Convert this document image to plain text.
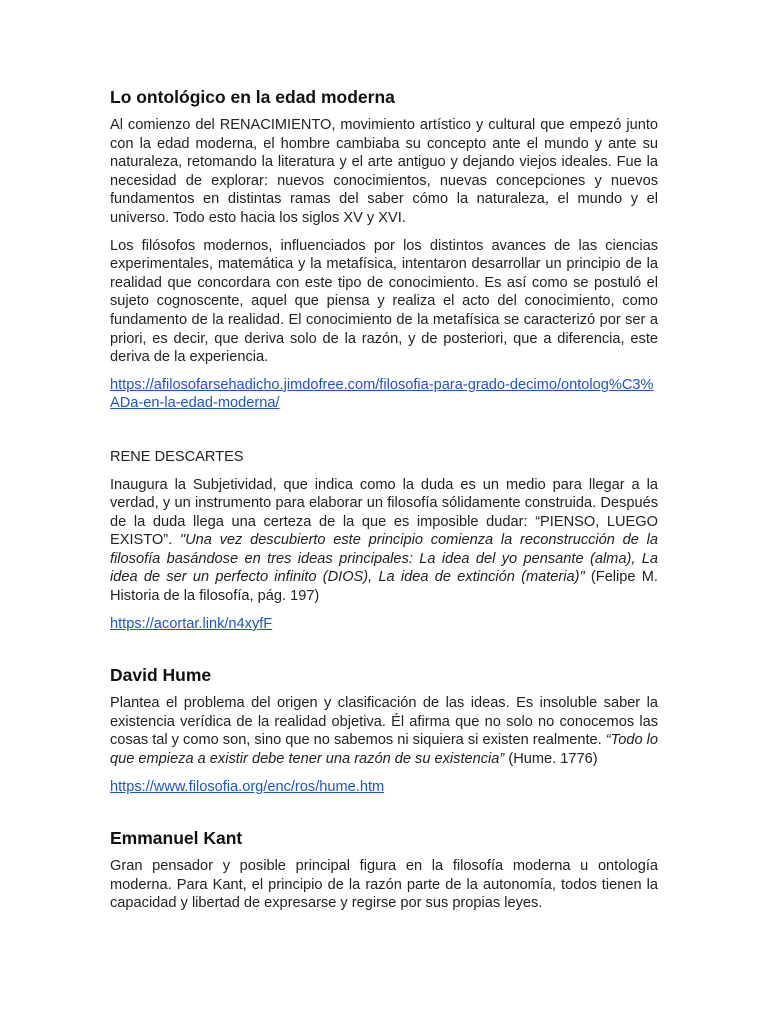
Lo ontológico en la edad moderna

Al comienzo del RENACIMIENTO, movimiento artístico y cultural que empezó junto con la edad moderna, el hombre cambiaba su concepto ante el mundo y ante su naturaleza, retomando la literatura y el arte antiguo y dejando viejos ideales. Fue la necesidad de explorar: nuevos conocimientos, nuevas concepciones y nuevos fundamentos en distintas ramas del saber cómo la naturaleza, el mundo y el universo. Todo esto hacia los siglos XV y XVI.

Los filósofos modernos, influenciados por los distintos avances de las ciencias experimentales, matemática y la metafísica, intentaron desarrollar un principio de la realidad que concordara con este tipo de conocimiento. Es así como se postuló el sujeto cognoscente, aquel que piensa y realiza el acto del conocimiento, como fundamento de la realidad. El conocimiento de la metafísica se caracterizó por ser a priori, es decir, que deriva solo de la razón, y de posteriori, que a diferencia, este deriva de la experiencia.

https://afilosofarsehadicho.jimdofree.com/filosofia-para-grado-decimo/ontolog%C3%ADa-en-la-edad-moderna/
RENE DESCARTES

Inaugura la Subjetividad, que indica como la duda es un medio para llegar a la verdad, y un instrumento para elaborar un filosofía sólidamente construida. Después de la duda llega una certeza de la que es imposible dudar: “PIENSO, LUEGO EXISTO”. "Una vez descubierto este principio comienza la reconstrucción de la filosofía basándose en tres ideas principales: La idea del yo pensante (alma), La idea de ser un perfecto infinito (DIOS), La idea de extinción (materia)" (Felipe M. Historia de la filosofía, pág. 197)

https://acortar.link/n4xyfF
David Hume

Plantea el problema del origen y clasificación de las ideas. Es insoluble saber la existencia verídica de la realidad objetiva. Él afirma que no solo no conocemos las cosas tal y como son, sino que no sabemos ni siquiera si existen realmente. “Todo lo que empieza a existir debe tener una razón de su existencia” (Hume. 1776)

https://www.filosofia.org/enc/ros/hume.htm
Emmanuel Kant

Gran pensador y posible principal figura en la filosofía moderna u ontología moderna. Para Kant, el principio de la razón parte de la autonomía, todos tienen la capacidad y libertad de expresarse y regirse por sus propias leyes.
